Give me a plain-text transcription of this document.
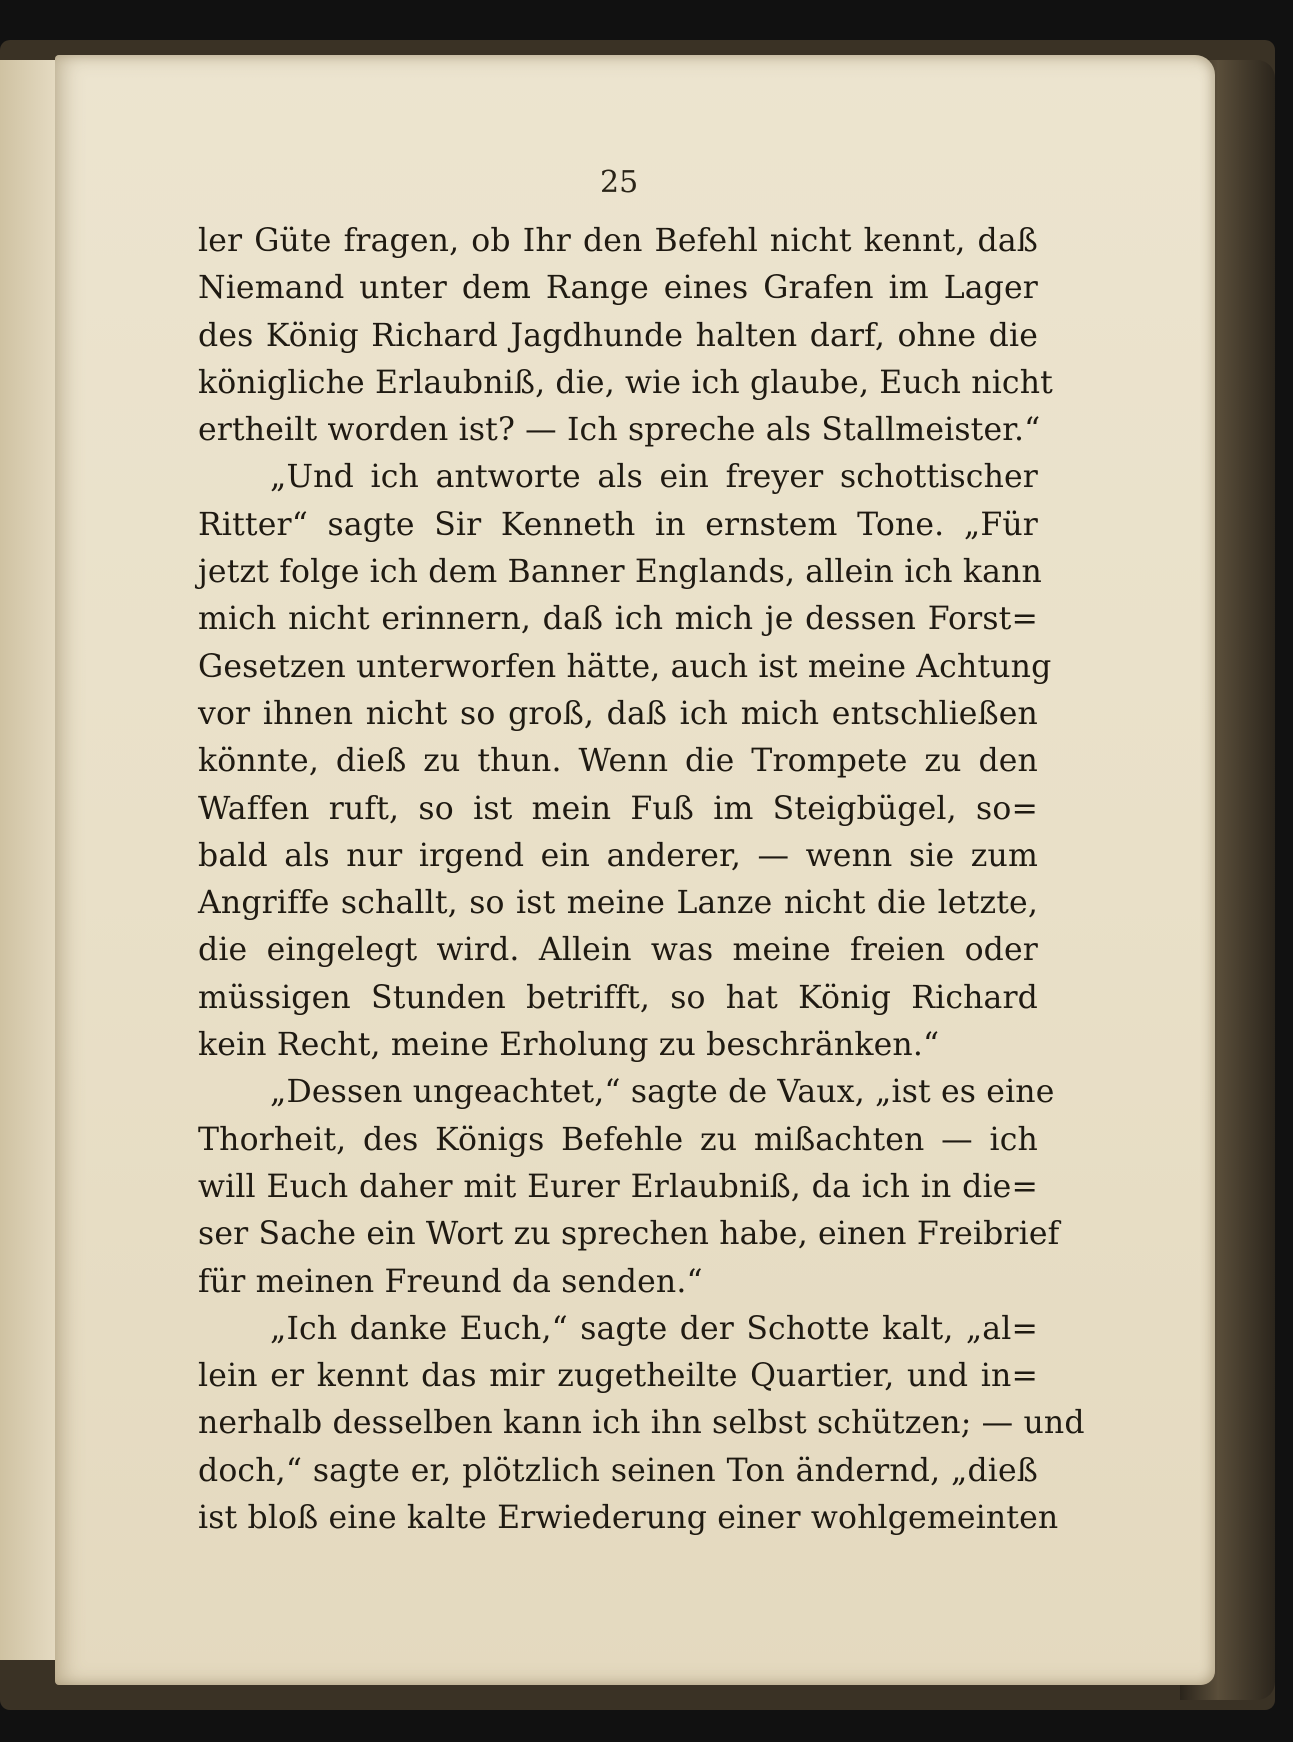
25
ler Güte fragen, ob Ihr den Befehl nicht kennt, daß
Niemand unter dem Range eines Grafen im Lager
des König Richard Jagdhunde halten darf, ohne die
königliche Erlaubniß, die, wie ich glaube, Euch nicht
ertheilt worden ist? — Ich spreche als Stallmeister.“
„Und ich antworte als ein freyer schottischer
Ritter“ sagte Sir Kenneth in ernstem Tone. „Für
jetzt folge ich dem Banner Englands, allein ich kann
mich nicht erinnern, daß ich mich je dessen Forst=
Gesetzen unterworfen hätte, auch ist meine Achtung
vor ihnen nicht so groß, daß ich mich entschließen
könnte, dieß zu thun. Wenn die Trompete zu den
Waffen ruft, so ist mein Fuß im Steigbügel, so=
bald als nur irgend ein anderer, — wenn sie zum
Angriffe schallt, so ist meine Lanze nicht die letzte,
die eingelegt wird. Allein was meine freien oder
müssigen Stunden betrifft, so hat König Richard
kein Recht, meine Erholung zu beschränken.“
„Dessen ungeachtet,“ sagte de Vaux, „ist es eine
Thorheit, des Königs Befehle zu mißachten — ich
will Euch daher mit Eurer Erlaubniß, da ich in die=
ser Sache ein Wort zu sprechen habe, einen Freibrief
für meinen Freund da senden.“
„Ich danke Euch,“ sagte der Schotte kalt, „al=
lein er kennt das mir zugetheilte Quartier, und in=
nerhalb desselben kann ich ihn selbst schützen; — und
doch,“ sagte er, plötzlich seinen Ton ändernd, „dieß
ist bloß eine kalte Erwiederung einer wohlgemeinten
